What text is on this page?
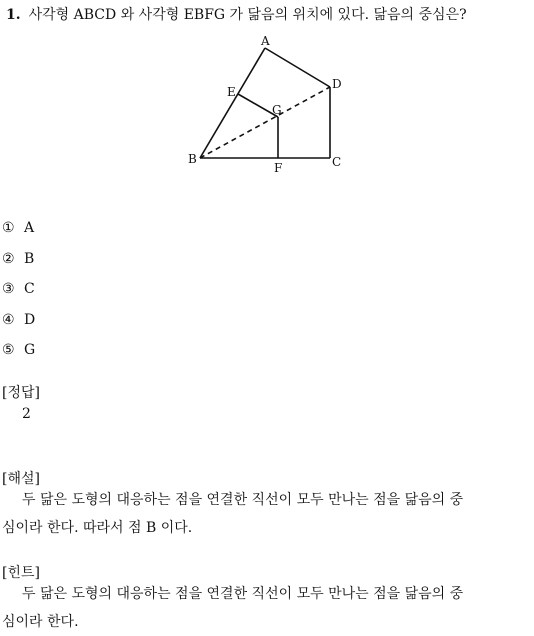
1. 사각형 ABCD 와 사각형 EBFG 가 닮음의 위치에 있다. 닮음의 중심은?
A
B	C
D
E
F
G
① A
② B
③ C
④ D
⑤ G
[정답]
2
[해설]
두 닮은 도형의 대응하는 점을 연결한 직선이 모두 만나는 점을 닮음의 중
심이라 한다. 따라서 점 B 이다.
[힌트]
두 닮은 도형의 대응하는 점을 연결한 직선이 모두 만나는 점을 닮음의 중
심이라 한다.
